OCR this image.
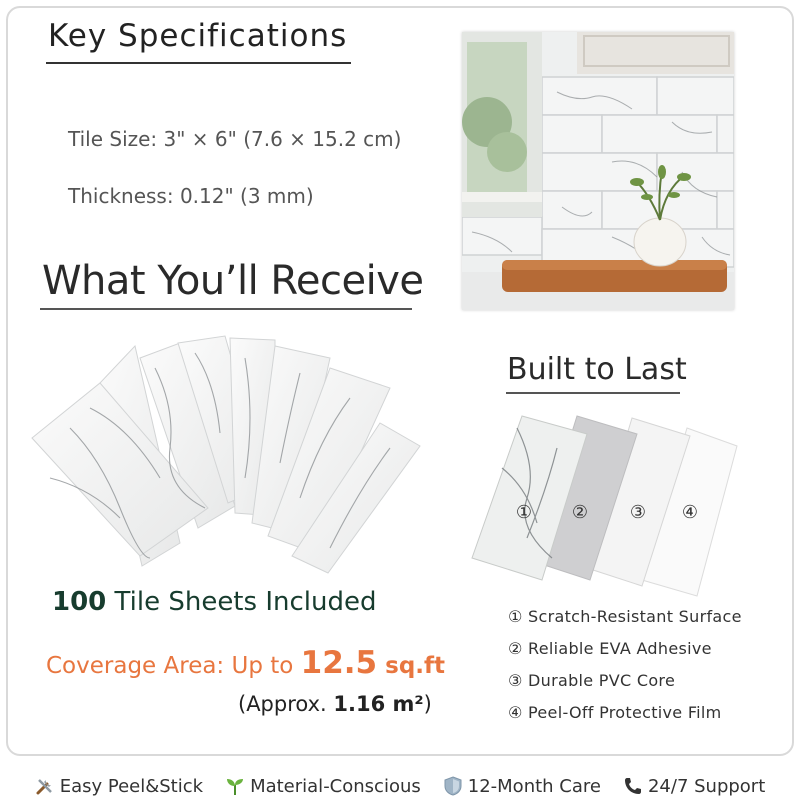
Key Specifications
Tile Size: 3" × 6" (7.6 × 15.2 cm)
Thickness: 0.12" (3 mm)
What You’ll Receive
100 Tile Sheets Included
Coverage Area: Up to 12.5 sq.ft
(Approx. 1.16 m²)
Built to Last
① ② ③ ④
① Scratch-Resistant Surface
② Reliable EVA Adhesive
③ Durable PVC Core
④ Peel-Off Protective Film
Easy Peel&Stick	Material-Conscious	12-Month Care	24/7 Support
